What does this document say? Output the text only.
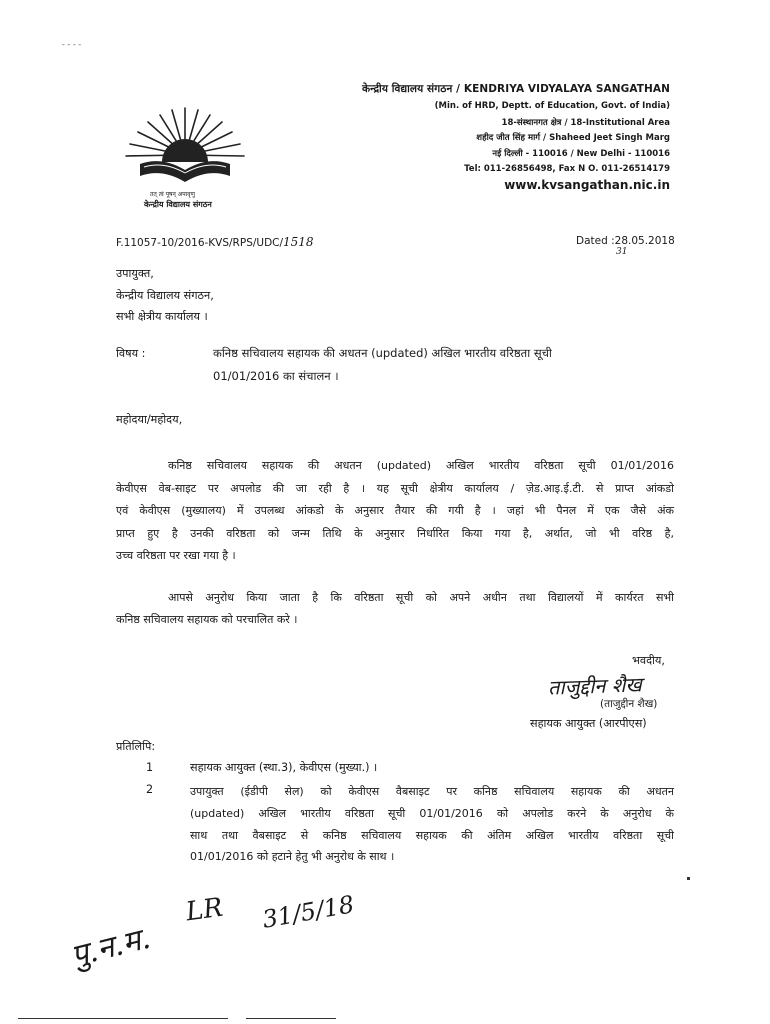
- - - -
तत् त्वं पूषन् अपावृणु
केन्द्रीय विद्यालय संगठन
केन्द्रीय विद्यालय संगठन / KENDRIYA VIDYALAYA SANGATHAN
(Min. of HRD, Deptt. of Education, Govt. of India)
18-संस्थानगत क्षेत्र / 18-Institutional Area
शहीद जीत सिंह मार्ग / Shaheed Jeet Singh Marg
नई दिल्ली - 110016 / New Delhi - 110016
Tel: 011-26856498, Fax N O. 011-26514179
www.kvsangathan.nic.in
F.11057-10/2016-KVS/RPS/UDC/1518	Dated :28.05.2018
31
उपायुक्त,
केन्द्रीय विद्यालय संगठन,
सभी क्षेत्रीय कार्यालय ।
विषय :	कनिष्ठ सचिवालय सहायक की अधतन (updated) अखिल भारतीय वरिष्ठता सूची
01/01/2016 का संचालन ।
महोदया/महोदय,
कनिष्ठ सचिवालय सहायक की अधतन (updated) अखिल भारतीय वरिष्ठता सूची 01/01/2016
केवीएस वेब-साइट पर अपलोड की जा रही है । यह सूची क्षेत्रीय कार्यालय / ज़ेड.आइ.ई.टी. से प्राप्त आंकडो
एवं केवीएस (मुख्यालय) में उपलब्ध आंकडो के अनुसार तैयार की गयी है । जहां भी पैनल में एक जैसे अंक
प्राप्त हुए है उनकी वरिष्ठता को जन्म तिथि के अनुसार निर्धारित किया गया है, अर्थात, जो भी वरिष्ठ है,
उच्च वरिष्ठता पर रखा गया है ।
आपसे अनुरोध किया जाता है कि वरिष्ठता सूची को अपने अधीन तथा विद्यालयों में कार्यरत सभी
कनिष्ठ सचिवालय सहायक को परचालित करे ।
भवदीय,
ताजुद्दीन शैख
(ताजुद्दीन शैख)
सहायक आयुक्त (आरपीएस)
प्रतिलिपि:
1	सहायक आयुक्त (स्था.3), केवीएस (मुख्या.) ।
2	उपायुक्त (ईडीपी सेल) को केवीएस वैबसाइट पर कनिष्ठ सचिवालय सहायक की अधतन
(updated) अखिल भारतीय वरिष्ठता सूची 01/01/2016 को अपलोड करने के अनुरोध के
साथ तथा वैबसाइट से कनिष्ठ सचिवालय सहायक की अंतिम अखिल भारतीय वरिष्ठता सूची
01/01/2016 को हटाने हेतु भी अनुरोध के साथ ।
पु.न.म.
LR 31/5/18
